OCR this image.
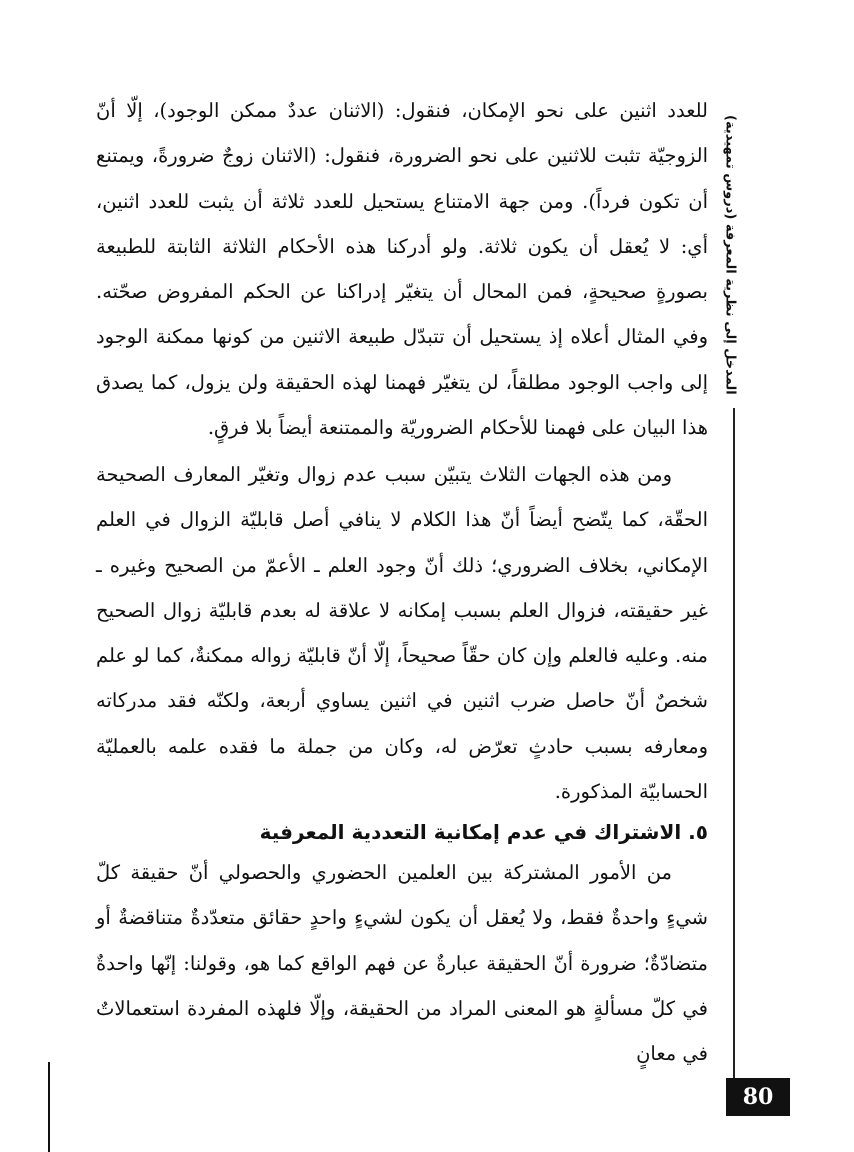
للعدد اثنين على نحو الإمكان، فنقول: (الاثنان عددٌ ممكن الوجود)، إلّا أنّ الزوجيّة تثبت للاثنين على نحو الضرورة، فنقول: (الاثنان زوجٌ ضرورةً، ويمتنع أن تكون فرداً). ومن جهة الامتناع يستحيل للعدد ثلاثة أن يثبت للعدد اثنين، أي: لا يُعقل أن يكون ثلاثة. ولو أدركنا هذه الأحكام الثلاثة الثابتة للطبيعة بصورةٍ صحيحةٍ، فمن المحال أن يتغيّر إدراكنا عن الحكم المفروض صحّته. وفي المثال أعلاه إذ يستحيل أن تتبدّل طبيعة الاثنين من كونها ممكنة الوجود إلى واجب الوجود مطلقاً، لن يتغيّر فهمنا لهذه الحقيقة ولن يزول، كما يصدق هذا البيان على فهمنا للأحكام الضروريّة والممتنعة أيضاً بلا فرقٍ.

ومن هذه الجهات الثلاث يتبيّن سبب عدم زوال وتغيّر المعارف الصحيحة الحقّة، كما يتّضح أيضاً أنّ هذا الكلام لا ينافي أصل قابليّة الزوال في العلم الإمكاني، بخلاف الضروري؛ ذلك أنّ وجود العلم ـ الأعمّ من الصحيح وغيره ـ غير حقيقته، فزوال العلم بسبب إمكانه لا علاقة له بعدم قابليّة زوال الصحيح منه. وعليه فالعلم وإن كان حقّاً صحيحاً، إلّا أنّ قابليّة زواله ممكنةٌ، كما لو علم شخصٌ أنّ حاصل ضرب اثنين في اثنين يساوي أربعة، ولكنّه فقد مدركاته ومعارفه بسبب حادثٍ تعرّض له، وكان من جملة ما فقده علمه بالعمليّة الحسابيّة المذكورة.

٥. الاشتراك في عدم إمكانية التعددية المعرفية

من الأمور المشتركة بين العلمين الحضوري والحصولي أنّ حقيقة كلّ شيءٍ واحدةٌ فقط، ولا يُعقل أن يكون لشيءٍ واحدٍ حقائق متعدّدةٌ متناقضةٌ أو متضادّةٌ؛ ضرورة أنّ الحقيقة عبارةٌ عن فهم الواقع كما هو، وقولنا: إنّها واحدةٌ في كلّ مسألةٍ هو المعنى المراد من الحقيقة، وإلّا فلهذه المفردة استعمالاتٌ في معانٍ

المدخل إلى نظرية المعرفة (دروس تمهيدية)
80
